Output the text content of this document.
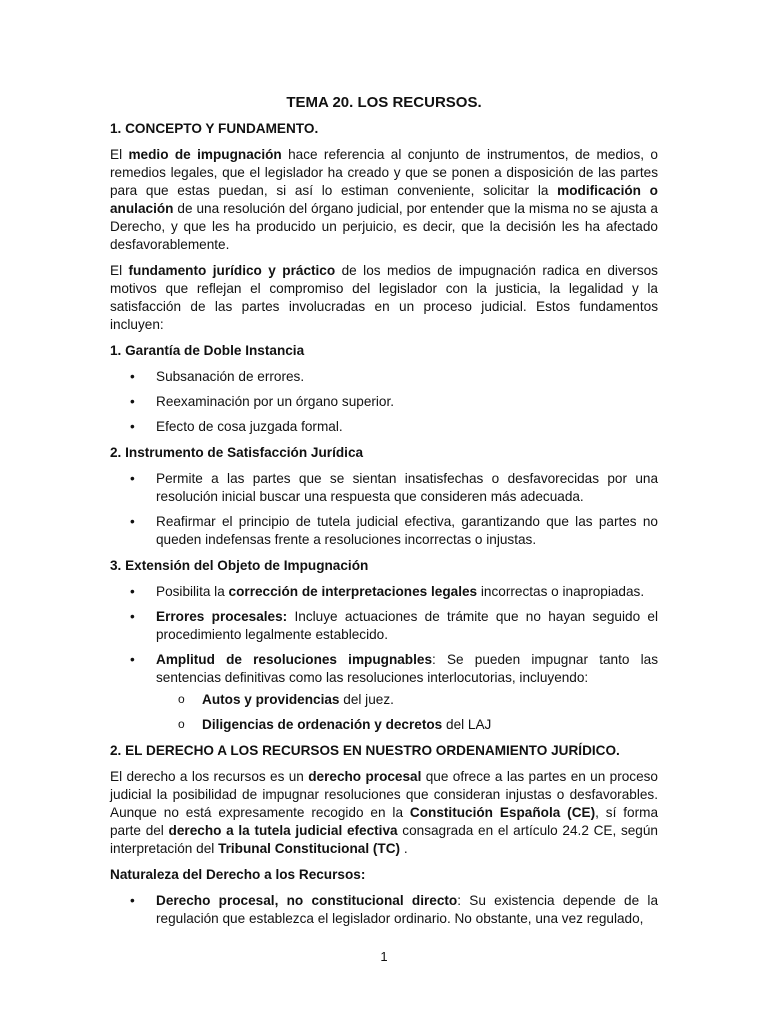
TEMA 20. LOS RECURSOS.
1. CONCEPTO Y FUNDAMENTO.

El medio de impugnación hace referencia al conjunto de instrumentos, de medios, o remedios legales, que el legislador ha creado y que se ponen a disposición de las partes para que estas puedan, si así lo estiman conveniente, solicitar la modificación o anulación de una resolución del órgano judicial, por entender que la misma no se ajusta a Derecho, y que les ha producido un perjuicio, es decir, que la decisión les ha afectado desfavorablemente.

El fundamento jurídico y práctico de los medios de impugnación radica en diversos motivos que reflejan el compromiso del legislador con la justicia, la legalidad y la satisfacción de las partes involucradas en un proceso judicial. Estos fundamentos incluyen:

1. Garantía de Doble Instancia
• Subsanación de errores.
• Reexaminación por un órgano superior.
• Efecto de cosa juzgada formal.
2. Instrumento de Satisfacción Jurídica
• Permite a las partes que se sientan insatisfechas o desfavorecidas por una resolución inicial buscar una respuesta que consideren más adecuada.
• Reafirmar el principio de tutela judicial efectiva, garantizando que las partes no queden indefensas frente a resoluciones incorrectas o injustas.
3. Extensión del Objeto de Impugnación
• Posibilita la corrección de interpretaciones legales incorrectas o inapropiadas.
• Errores procesales: Incluye actuaciones de trámite que no hayan seguido el procedimiento legalmente establecido.
• Amplitud de resoluciones impugnables: Se pueden impugnar tanto las sentencias definitivas como las resoluciones interlocutorias, incluyendo:
o Autos y providencias del juez.
o Diligencias de ordenación y decretos del LAJ
2. EL DERECHO A LOS RECURSOS EN NUESTRO ORDENAMIENTO JURÍDICO.

El derecho a los recursos es un derecho procesal que ofrece a las partes en un proceso judicial la posibilidad de impugnar resoluciones que consideran injustas o desfavorables. Aunque no está expresamente recogido en la Constitución Española (CE), sí forma parte del derecho a la tutela judicial efectiva consagrada en el artículo 24.2 CE, según interpretación del Tribunal Constitucional (TC) .

Naturaleza del Derecho a los Recursos:
• Derecho procesal, no constitucional directo: Su existencia depende de la regulación que establezca el legislador ordinario. No obstante, una vez regulado,
1
